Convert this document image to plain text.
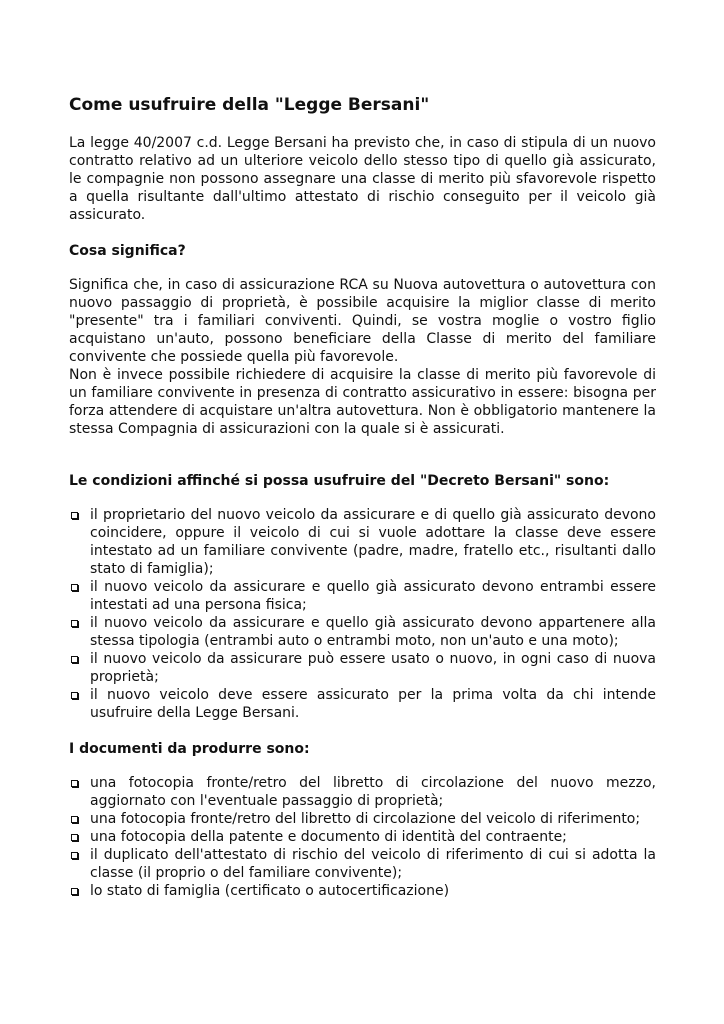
Come usufruire della "Legge Bersani"

La legge 40/2007 c.d. Legge Bersani ha previsto che, in caso di stipula di un nuovo contratto relativo ad un ulteriore veicolo dello stesso tipo di quello già assicurato, le compagnie non possono assegnare una classe di merito più sfavorevole rispetto a quella risultante dall'ultimo attestato di rischio conseguito per il veicolo già assicurato.

Cosa significa?

Significa che, in caso di assicurazione RCA su Nuova autovettura o autovettura con nuovo passaggio di proprietà, è possibile acquisire la miglior classe di merito "presente" tra i familiari conviventi. Quindi, se vostra moglie o vostro figlio acquistano un'auto, possono beneficiare della Classe di merito del familiare convivente che possiede quella più favorevole.

Non è invece possibile richiedere di acquisire la classe di merito più favorevole di un familiare convivente in presenza di contratto assicurativo in essere: bisogna per forza attendere di acquistare un'altra autovettura. Non è obbligatorio mantenere la stessa Compagnia di assicurazioni con la quale si è assicurati.

Le condizioni affinché si possa usufruire del "Decreto Bersani" sono:
il proprietario del nuovo veicolo da assicurare e di quello già assicurato devono coincidere, oppure il veicolo di cui si vuole adottare la classe deve essere intestato ad un familiare convivente (padre, madre, fratello etc., risultanti dallo stato di famiglia);
il nuovo veicolo da assicurare e quello già assicurato devono entrambi essere intestati ad una persona fisica;
il nuovo veicolo da assicurare e quello già assicurato devono appartenere alla stessa tipologia (entrambi auto o entrambi moto, non un'auto e una moto);
il nuovo veicolo da assicurare può essere usato o nuovo, in ogni caso di nuova proprietà;
il nuovo veicolo deve essere assicurato per la prima volta da chi intende usufruire della Legge Bersani.
I documenti da produrre sono:
una fotocopia fronte/retro del libretto di circolazione del nuovo mezzo, aggiornato con l'eventuale passaggio di proprietà;
una fotocopia fronte/retro del libretto di circolazione del veicolo di riferimento;
una fotocopia della patente e documento di identità del contraente;
il duplicato dell'attestato di rischio del veicolo di riferimento di cui si adotta la classe (il proprio o del familiare convivente);
lo stato di famiglia (certificato o autocertificazione)
